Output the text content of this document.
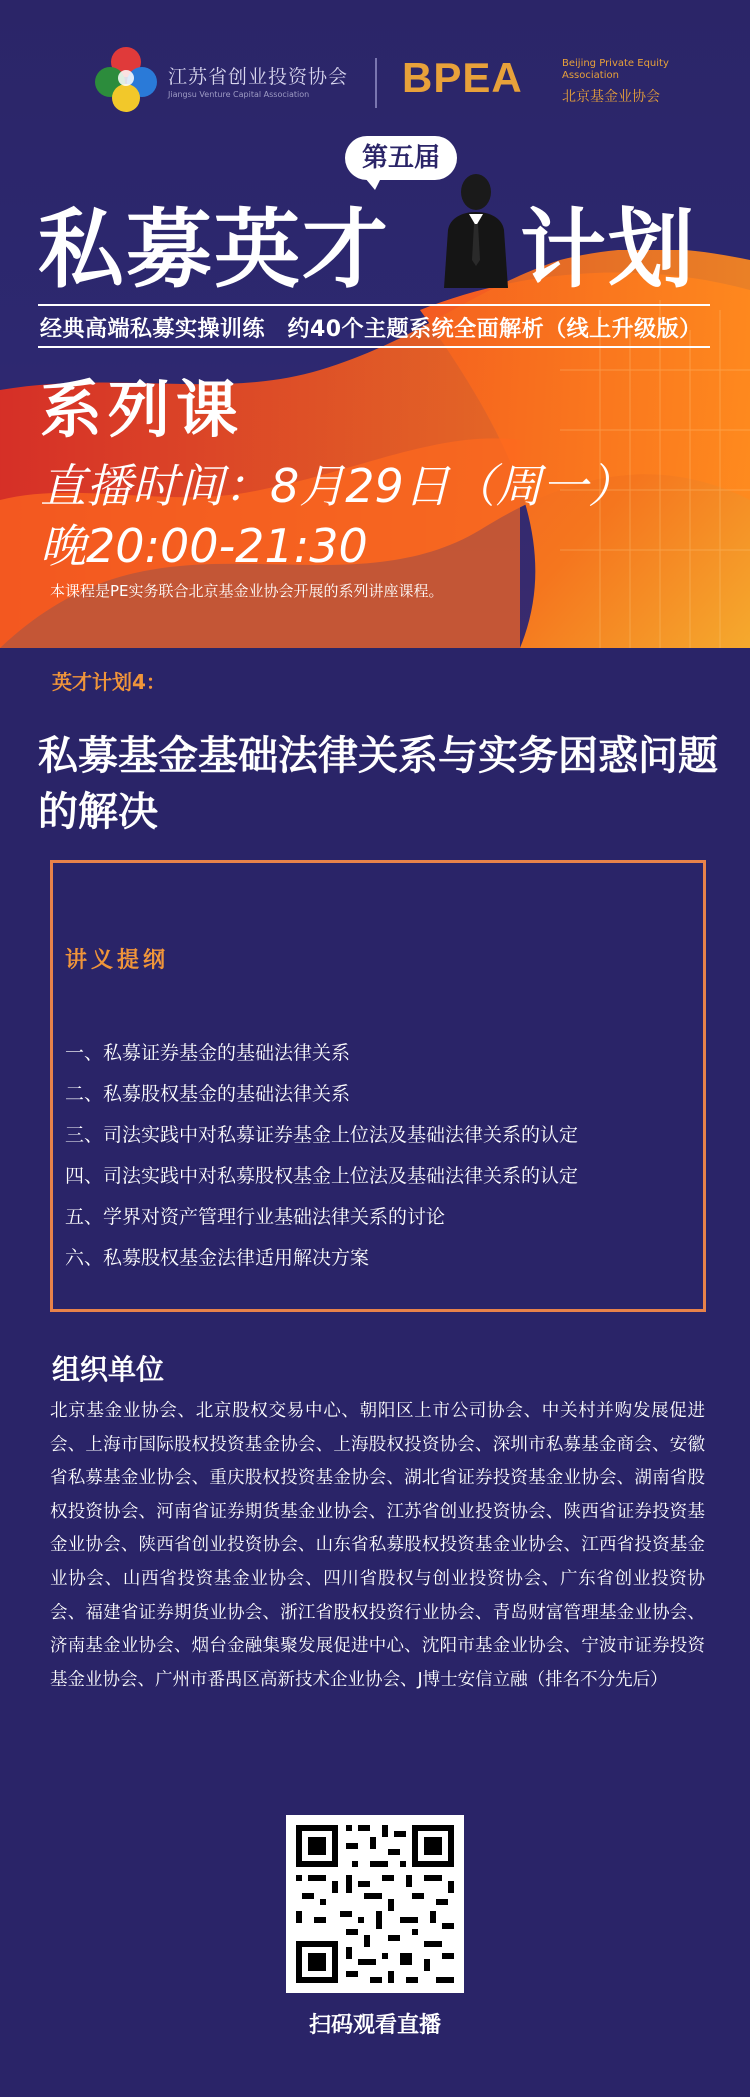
江苏省创业投资协会
Jiangsu Venture Capital Association BPEA	Beijing Private Equity Association
北京基金业协会
第五届
私募英才 计划
经典高端私募实操训练　约40个主题系统全面解析（线上升级版）
系列课
直播时间：8月29日（周一）
晚20:00-21:30
本课程是PE实务联合北京基金业协会开展的系列讲座课程。
英才计划4：
私募基金基础法律关系与实务困惑问题的解决
讲义提纲
一、私募证券基金的基础法律关系
二、私募股权基金的基础法律关系
三、司法实践中对私募证券基金上位法及基础法律关系的认定
四、司法实践中对私募股权基金上位法及基础法律关系的认定
五、学界对资产管理行业基础法律关系的讨论
六、私募股权基金法律适用解决方案
组织单位
北京基金业协会、北京股权交易中心、朝阳区上市公司协会、中关村并购发展促进会、上海市国际股权投资基金协会、上海股权投资协会、深圳市私募基金商会、安徽省私募基金业协会、重庆股权投资基金协会、湖北省证券投资基金业协会、湖南省股权投资协会、河南省证券期货基金业协会、江苏省创业投资协会、陕西省证券投资基金业协会、陕西省创业投资协会、山东省私募股权投资基金业协会、江西省投资基金业协会、山西省投资基金业协会、四川省股权与创业投资协会、广东省创业投资协会、福建省证券期货业协会、浙江省股权投资行业协会、青岛财富管理基金业协会、济南基金业协会、烟台金融集聚发展促进中心、沈阳市基金业协会、宁波市证券投资基金业协会、广州市番禺区高新技术企业协会、J博士安信立融（排名不分先后）
扫码观看直播
